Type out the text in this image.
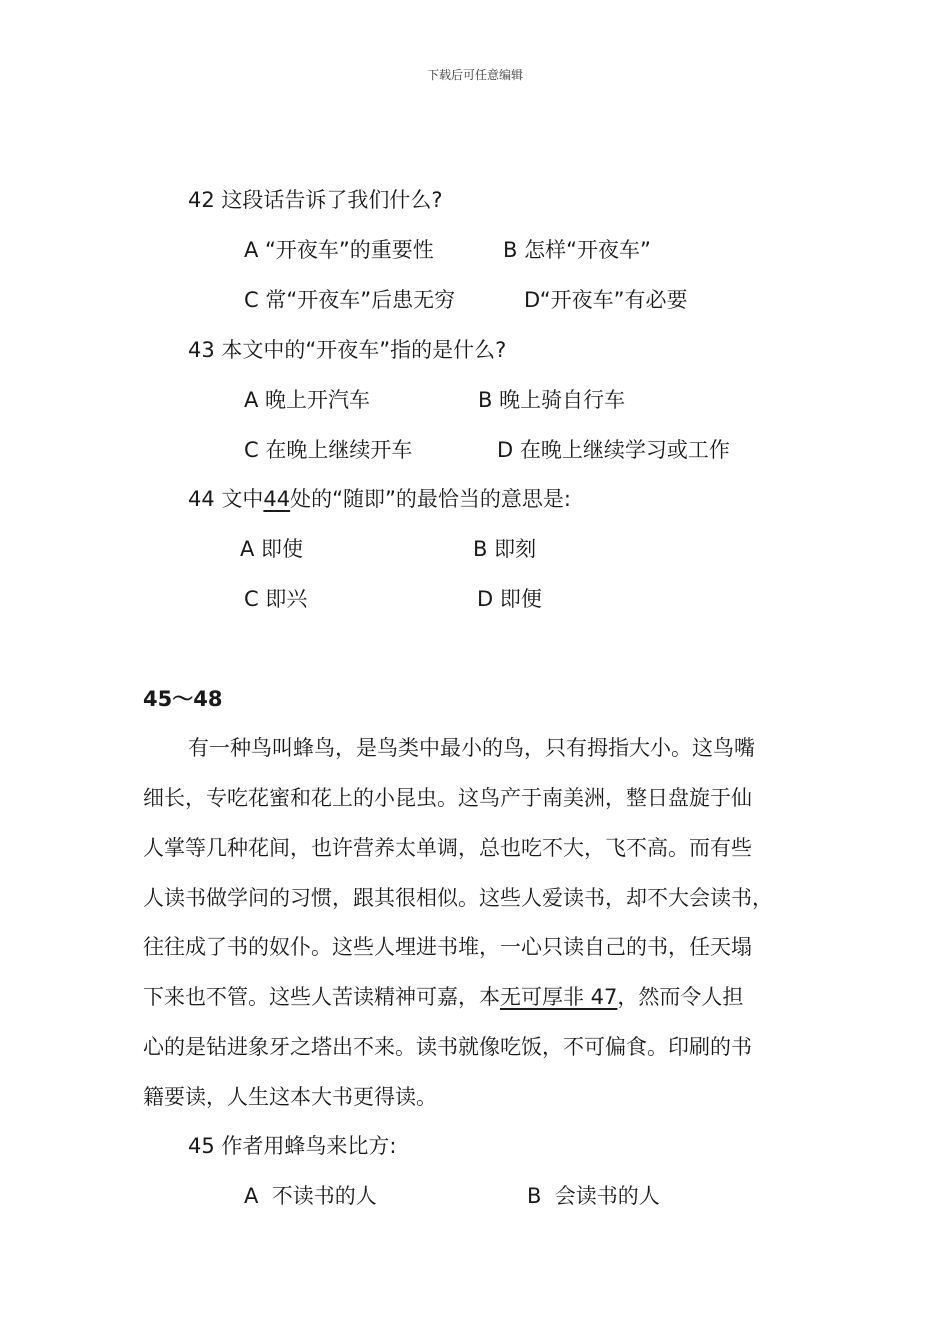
下载后可任意编辑
42 这段话告诉了我们什么?
A “开夜车”的重要性	B 怎样“开夜车”
C 常“开夜车”后患无穷	D“开夜车”有必要
43 本文中的“开夜车”指的是什么?
A 晚上开汽车	B 晚上骑自行车
C 在晚上继续开车	D 在晚上继续学习或工作
44 文中44处的“随即”的最恰当的意思是:
A 即使	B 即刻
C 即兴	D 即便
45～48
有一种鸟叫蜂鸟，是鸟类中最小的鸟，只有拇指大小。这鸟嘴
细长，专吃花蜜和花上的小昆虫。这鸟产于南美洲，整日盘旋于仙
人掌等几种花间，也许营养太单调，总也吃不大，飞不高。而有些
人读书做学问的习惯，跟其很相似。这些人爱读书，却不大会读书，
往往成了书的奴仆。这些人埋进书堆，一心只读自己的书，任天塌
下来也不管。这些人苦读精神可嘉，本无可厚非 47，然而令人担
心的是钻进象牙之塔出不来。读书就像吃饭，不可偏食。印刷的书
籍要读，人生这本大书更得读。
45 作者用蜂鸟来比方:
A  不读书的人	B  会读书的人
